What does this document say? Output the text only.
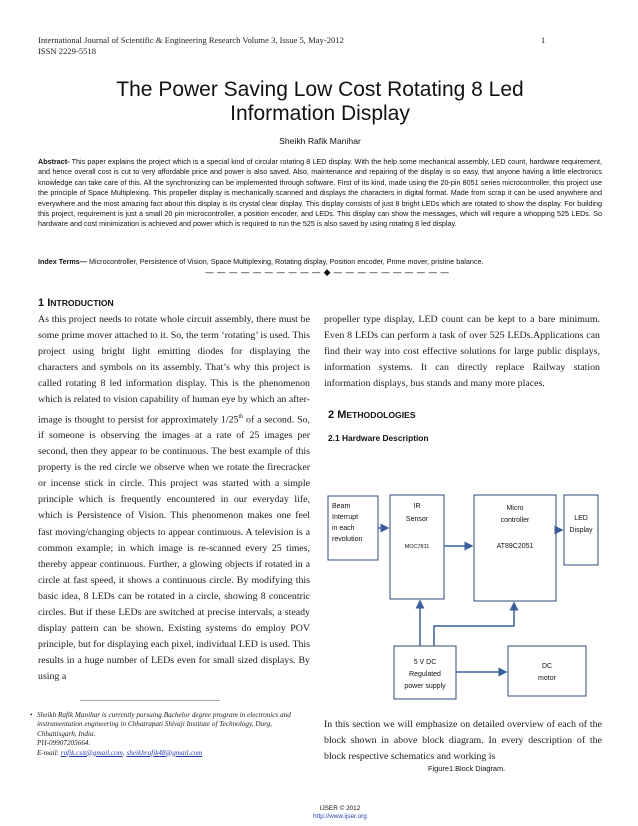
International Journal of Scientific & Engineering Research Volume 3, Issue 5, May-2012
ISSN 2229-5518
1
The Power Saving Low Cost Rotating 8 Led
Information Display
Sheikh Rafik Manihar
Abstract- This paper explains the project which is a special kind of circular rotating 8 LED display. With the help some mechanical assembly, LED count, hardware requirement, and hence overall cost is cut to very affordable price and power is also saved. Also, maintenance and repairing of the display is so easy, that anyone having a little electronics knowledge can take care of this. All the synchronizing can be implemented through software. First of its kind, made using the 20-pin 8051 series microcontroller, this project use the principle of Space Multiplexing. This propeller display is mechanically scanned and displays the characters in digital format. Made from scrap it can be used anywhere and everywhere and the most amazing fact about this display is its crystal clear display. This display consists of just 8 bright LEDs which are rotated to show the display. For building this project, requirement is just a small 20 pin microcontroller, a position encoder, and LEDs. This display can show the messages, which will require a whopping 525 LEDs. So hardware and cost minimization is achieved and power which is required to run the 525 is also saved by using rotating 8 led display.
Index Terms— Microcontroller, Persistence of Vision, Space Multiplexing, Rotating display, Position encoder, Prime mover, pristine balance.
— — — — — — — — — — ◆ — — — — — — — — — —
1 INTRODUCTION
As this project needs to rotate whole circuit assembly, there must be some prime mover attached to it. So, the term ‘rotating’ is used. This project using bright light emitting diodes for displaying the characters and symbols on its assembly. That’s why this project is called rotating 8 led information display. This is the phenomenon which is related to vision capability of human eye by which an after- image is thought to persist for approximately 1/25th of a second. So, if someone is observing the images at a rate of 25 images per second, then they appear to be continuous. The best example of this property is the red circle we observe when we rotate the firecracker or incense stick in circle. This project was started with a simple principle which is frequently encountered in our everyday life, which is Persistence of Vision. This phenomenon makes one feel fast moving/changing objects to appear continuous. A television is a common example; in which image is re-scanned every 25 times, thereby appear continuous. Further, a glowing objects if rotated in a circle at fast speed, it shows a continuous circle. By modifying this basic idea, 8 LEDs can be rotated in a circle, showing 8 concentric circles. But if these LEDs are switched at precise intervals, a steady display pattern can be shown. Existing systems do employ POV principle, but for displaying each pixel, individual LED is used. This results in a huge number of LEDs even for small sized displays. By using a
propeller type display, LED count can be kept to a bare minimum. Even 8 LEDs can perform a task of over 525 LEDs.Applications can find their way into cost effective solutions for large public displays, information systems. It can directly replace Railway station information displays, bus stands and many more places.
2 METHODOLOGIES
2.1 Hardware Description
Beam
Interrupt
in each
revolution
IR
Sensor
MOC7811
Micro
controller
AT89C2051
LED
Display
5 V DC
Regulated
power supply
DC
motor
Figure1.Block Diagram.
In this section we will emphasize on detailed overview of each of the block shown in above block diagram. In every description of the block respective schematics and working is
• Sheikh Rafik Manihar is currently pursuing Bachelor degree program in electronics and instrumentation engineering in Chhatrapati Shivaji Institute of Technology, Durg, Chhattisgarh, India.
PH-09907205664.
E-mail: rafik.csit@gmail.com, sheikhrafik48@gmail.com
IJSER © 2012
http://www.ijser.org
